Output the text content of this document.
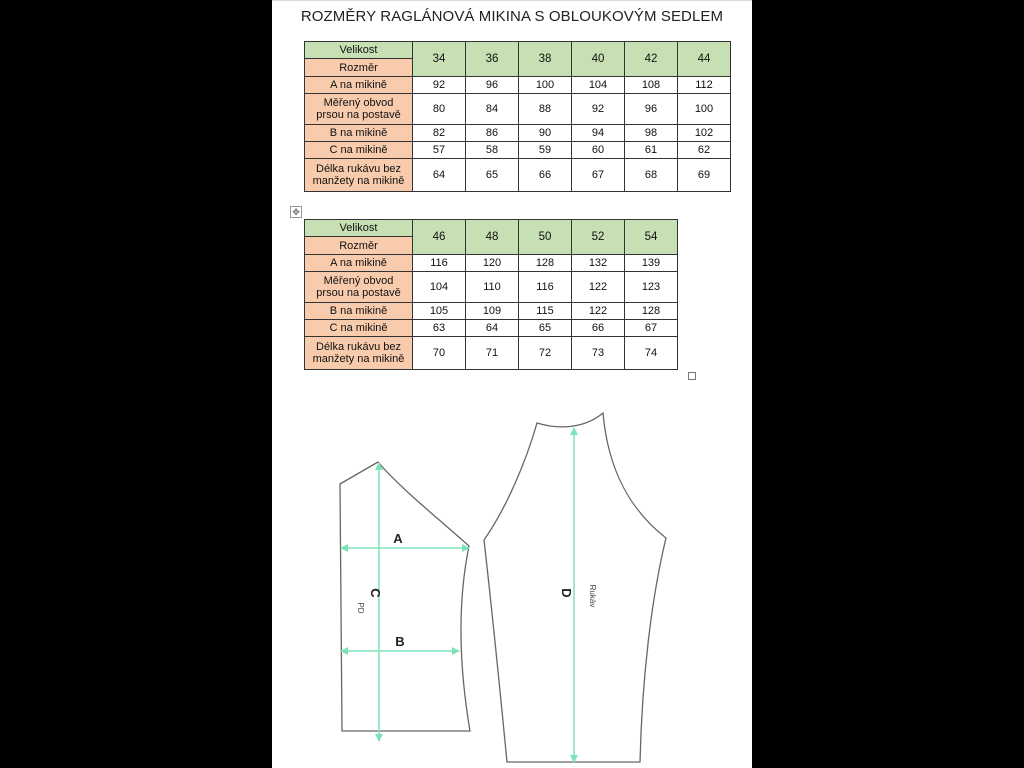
ROZMĚRY RAGLÁNOVÁ MIKINA S OBLOUKOVÝM SEDLEM
Velikost	34	36	38	40	42	44
Rozměr						
A na mikině	92	96	100	104	108	112

Měřený obvod
prsou na postavě	80	84	88	92	96	100
B na mikině	82	86	90	94	98	102
C na mikině	57	58	59	60	61	62

Délka rukávu bez
manžety na mikině	64	65	66	67	68	69
✥
Velikost	46	48	50	52	54
Rozměr					
A na mikině	116	120	128	132	139

Měřený obvod
prsou na postavě	104	110	116	122	123
B na mikině	105	109	115	122	128
C na mikině	63	64	65	66	67

Délka rukávu bez
manžety na mikině	70	71	72	73	74
A
B
C
PD
D Rukáv
